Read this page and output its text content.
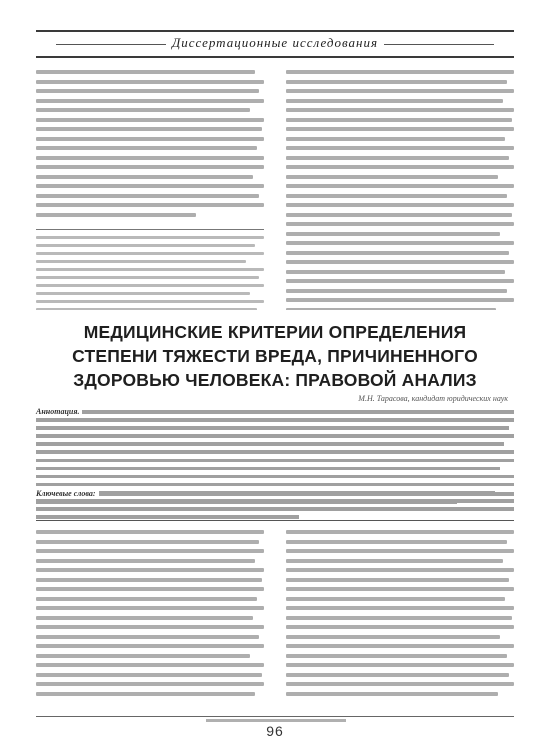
Диссертационные исследования
МЕДИЦИНСКИЕ КРИТЕРИИ ОПРЕДЕЛЕНИЯ
СТЕПЕНИ ТЯЖЕСТИ ВРЕДА, ПРИЧИНЕННОГО
ЗДОРОВЬЮ ЧЕЛОВЕКА: ПРАВОВОЙ АНАЛИЗ
М.Н. Тарасова, кандидат юридических наук
Аннотация.
Ключевые слова:
96
